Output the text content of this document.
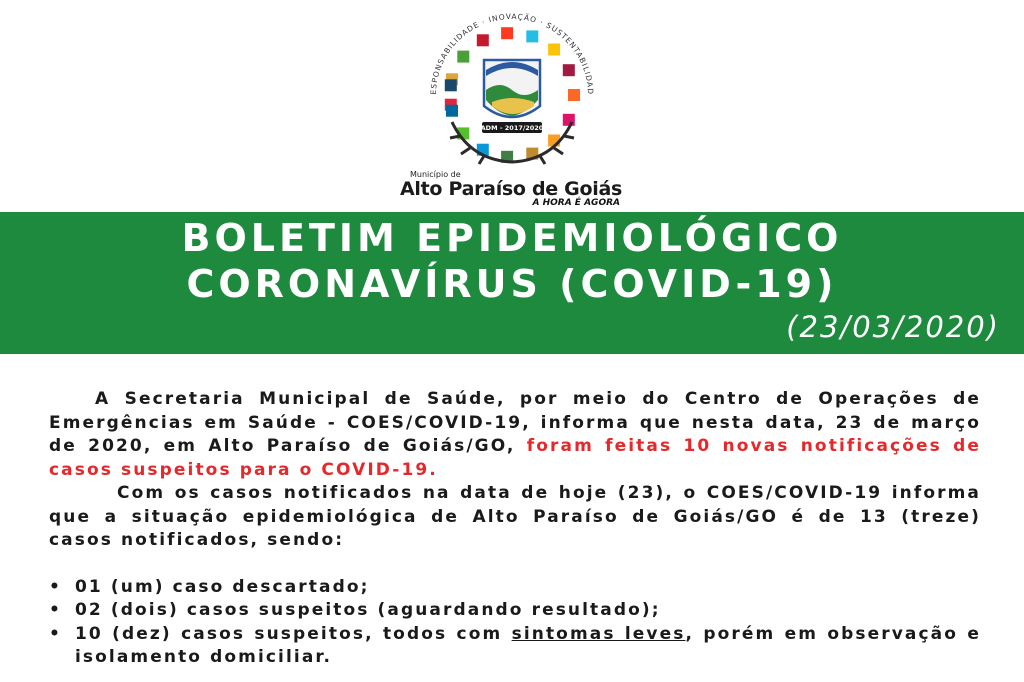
ESPONSABILIDADE · INOVAÇÃO · SUSTENTABILIDAD
ADM - 2017/2020
Município de
Alto Paraíso de Goiás
A HORA É AGORA
BOLETIM EPIDEMIOLÓGICO
CORONAVÍRUS (COVID-19)
(23/03/2020)

A Secretaria Municipal de Saúde, por meio do Centro de Operações de Emergências em Saúde - COES/COVID-19, informa que nesta data, 23 de março de 2020, em Alto Paraíso de Goiás/GO, foram feitas 10 novas notificações de casos suspeitos para o COVID-19.

Com os casos notificados na data de hoje (23), o COES/COVID-19 informa que a situação epidemiológica de Alto Paraíso de Goiás/GO é de 13 (treze) casos notificados, sendo:

• 01 (um) caso descartado;
• 02 (dois) casos suspeitos (aguardando resultado);
• 10 (dez) casos suspeitos, todos com sintomas leves, porém em observação e isolamento domiciliar.
